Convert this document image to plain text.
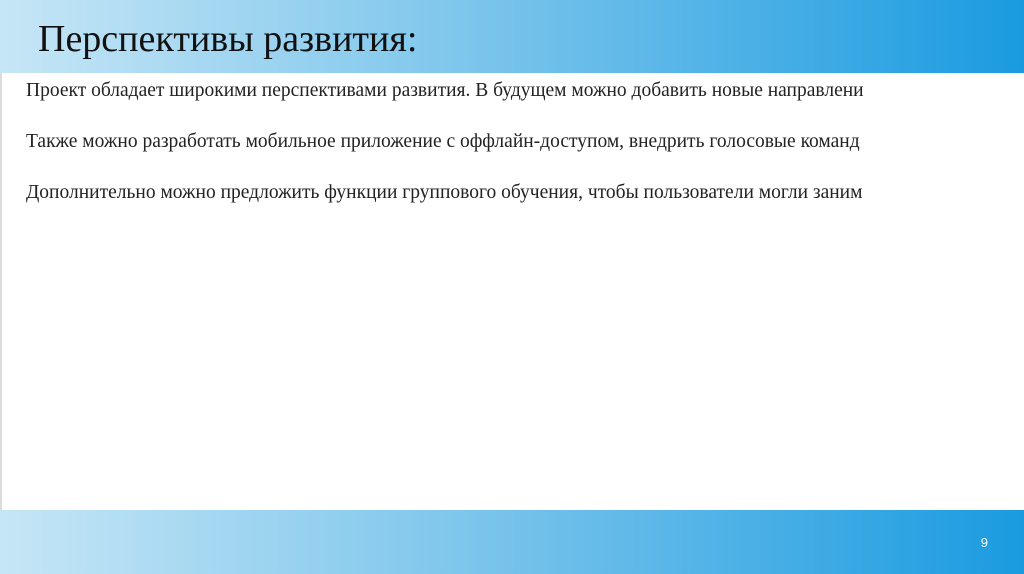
Перспективы развития:

Проект обладает широкими перспективами развития. В будущем можно добавить новые направлени

Также можно разработать мобильное приложение с оффлайн-доступом, внедрить голосовые команд

Дополнительно можно предложить функции группового обучения, чтобы пользователи могли заним

9
